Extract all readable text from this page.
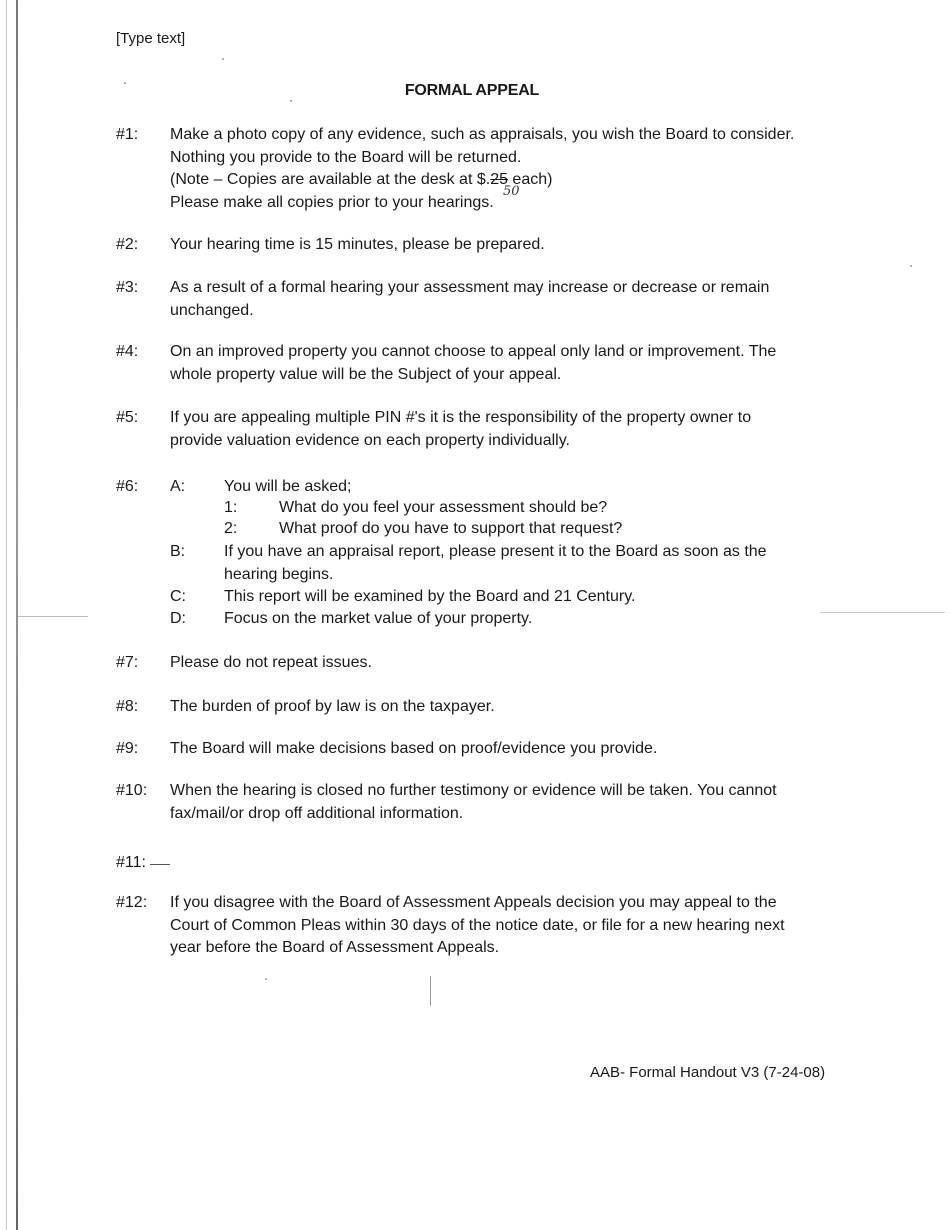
[Type text]
FORMAL APPEAL
#1: Make a photo copy of any evidence, such as appraisals, you wish the Board to consider.

Nothing you provide to the Board will be returned.

(Note – Copies are available at the desk at $.25 each)

Please make all copies prior to your hearings.

50
#2: Your hearing time is 15 minutes, please be prepared.

#3: As a result of a formal hearing your assessment may increase or decrease or remain

unchanged.

#4: On an improved property you cannot choose to appeal only land or improvement. The

whole property value will be the Subject of your appeal.

#5: If you are appealing multiple PIN #'s it is the responsibility of the property owner to

provide valuation evidence on each property individually.

#6: A: You will be asked;

1:	What do you feel your assessment should be?
2:	What proof do you have to support that request?
B: If you have an appraisal report, please present it to the Board as soon as the

hearing begins.

C: This report will be examined by the Board and 21 Century.

D: Focus on the market value of your property.

#7: Please do not repeat issues.

#8: The burden of proof by law is on the taxpayer.

#9: The Board will make decisions based on proof/evidence you provide.

#10: When the hearing is closed no further testimony or evidence will be taken. You cannot

fax/mail/or drop off additional information.

#11:
#12: If you disagree with the Board of Assessment Appeals decision you may appeal to the

Court of Common Pleas within 30 days of the notice date, or file for a new hearing next

year before the Board of Assessment Appeals.

AAB- Formal Handout V3 (7-24-08)
